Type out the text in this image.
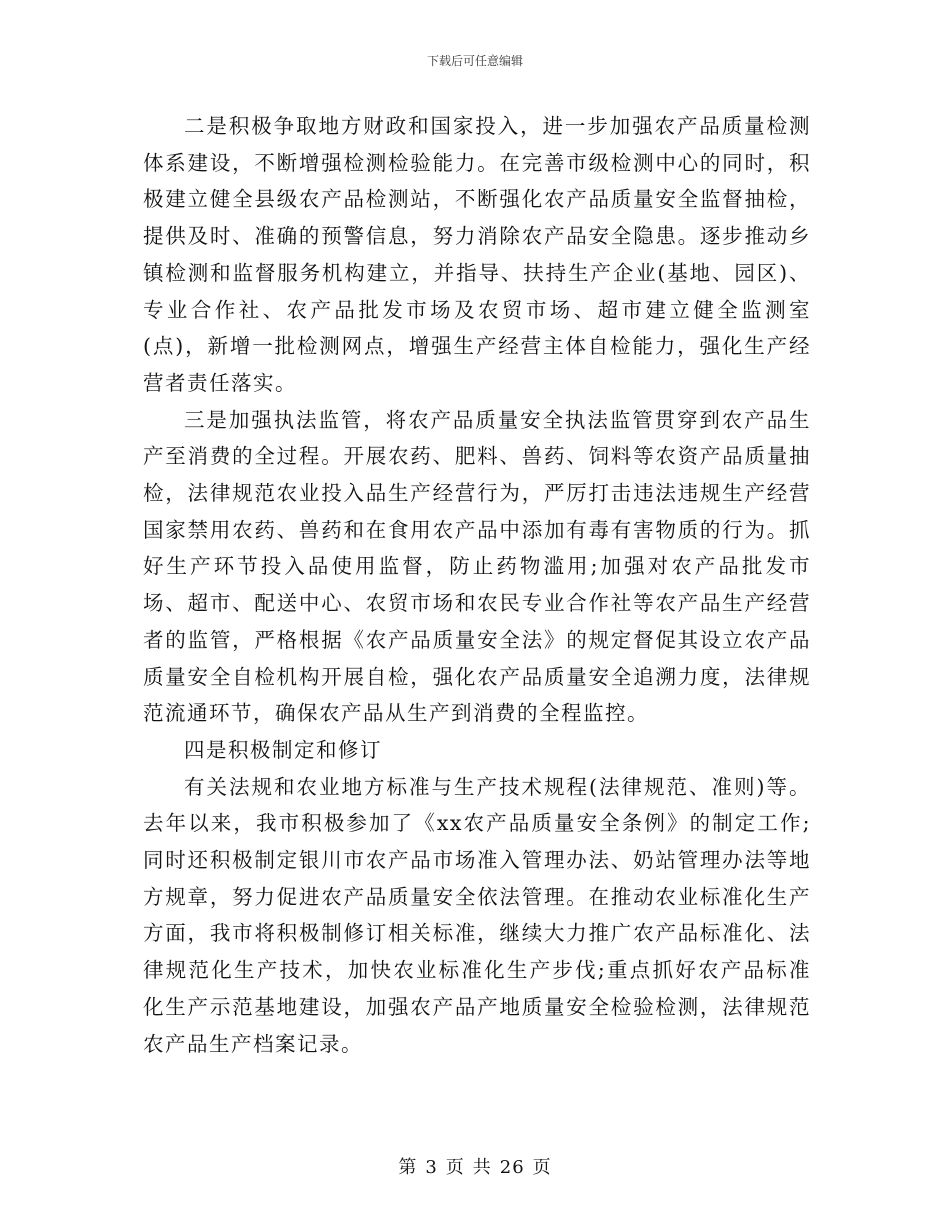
下载后可任意编辑

二是积极争取地方财政和国家投入，进一步加强农产品质量检测体系建设，不断增强检测检验能力。在完善市级检测中心的同时，积极建立健全县级农产品检测站，不断强化农产品质量安全监督抽检，提供及时、准确的预警信息，努力消除农产品安全隐患。逐步推动乡镇检测和监督服务机构建立，并指导、扶持生产企业(基地、园区)、专业合作社、农产品批发市场及农贸市场、超市建立健全监测室(点)，新增一批检测网点，增强生产经营主体自检能力，强化生产经营者责任落实。

三是加强执法监管，将农产品质量安全执法监管贯穿到农产品生产至消费的全过程。开展农药、肥料、兽药、饲料等农资产品质量抽检，法律规范农业投入品生产经营行为，严厉打击违法违规生产经营国家禁用农药、兽药和在食用农产品中添加有毒有害物质的行为。抓好生产环节投入品使用监督，防止药物滥用;加强对农产品批发市场、超市、配送中心、农贸市场和农民专业合作社等农产品生产经营者的监管，严格根据《农产品质量安全法》的规定督促其设立农产品质量安全自检机构开展自检，强化农产品质量安全追溯力度，法律规范流通环节，确保农产品从生产到消费的全程监控。

四是积极制定和修订

有关法规和农业地方标准与生产技术规程(法律规范、准则)等。去年以来，我市积极参加了《xx农产品质量安全条例》的制定工作;同时还积极制定银川市农产品市场准入管理办法、奶站管理办法等地方规章，努力促进农产品质量安全依法管理。在推动农业标准化生产方面，我市将积极制修订相关标准，继续大力推广农产品标准化、法律规范化生产技术，加快农业标准化生产步伐;重点抓好农产品标准化生产示范基地建设，加强农产品产地质量安全检验检测，法律规范农产品生产档案记录。

第 3 页 共 26 页
